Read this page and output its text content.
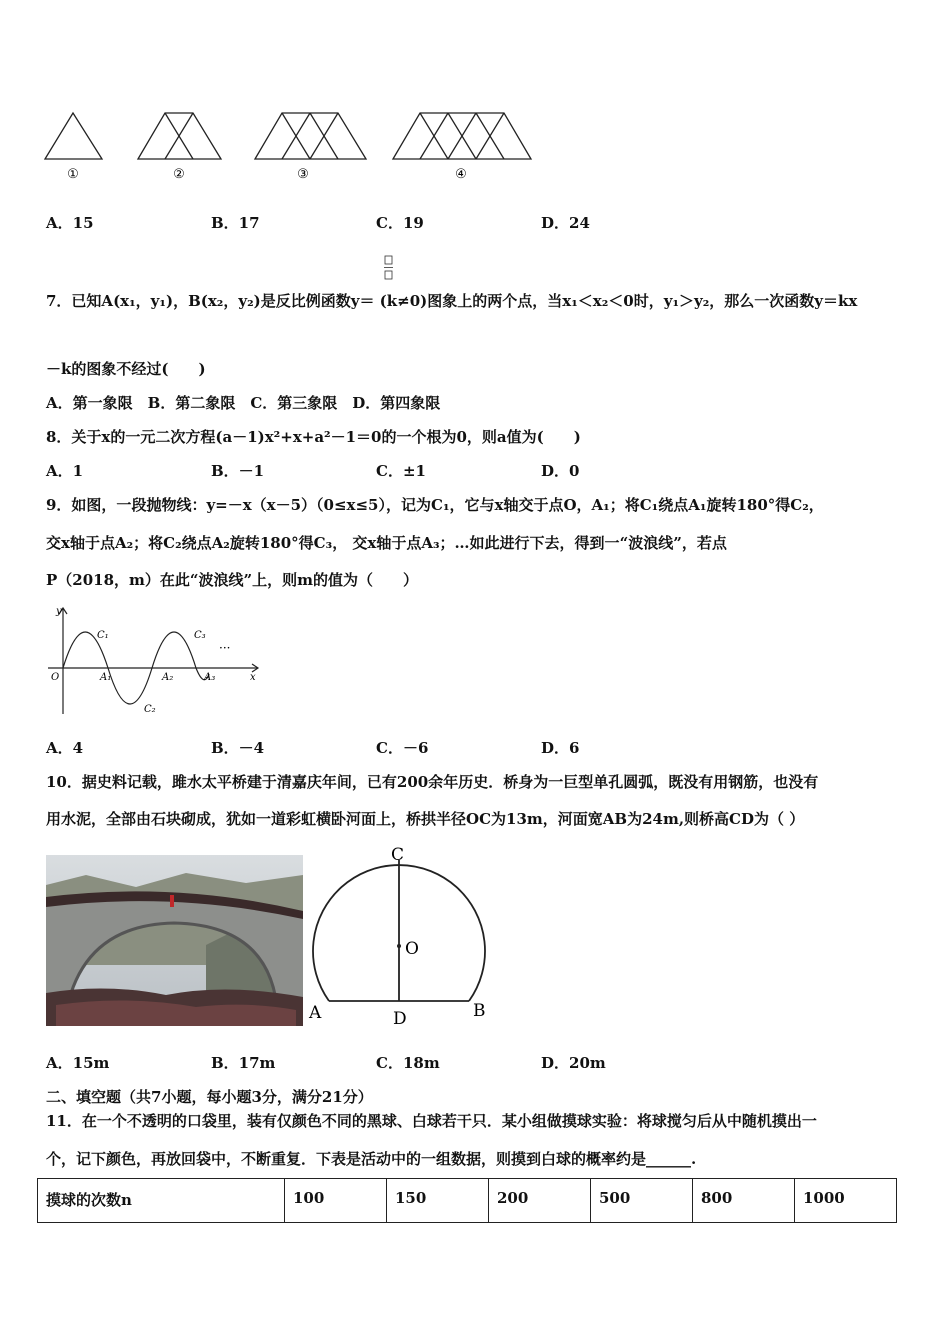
①	②	③	④
A．15	B．17	C．19	D．24
7．已知A(x₁，y₁)，B(x₂，y₂)是反比例函数y＝ (k≠0)图象上的两个点，当x₁＜x₂＜0时，y₁＞y₂，那么一次函数y＝kx
－k的图象不经过(　　)
A．第一象限　B．第二象限　C．第三象限　D．第四象限
8．关于x的一元二次方程(a－1)x²+x+a²－1＝0的一个根为0，则a值为(　　)
A．1	B．－1	C．±1	D．0
9．如图，一段抛物线：y=－x（x－5）（0≤x≤5），记为C₁，它与x轴交于点O，A₁；将C₁绕点A₁旋转180°得C₂，
交x轴于点A₂；将C₂绕点A₂旋转180°得C₃， 交x轴于点A₃；…如此进行下去，得到一“波浪线”，若点
P（2018，m）在此“波浪线”上，则m的值为（　　）
y
O	A₁	A₂	A₃	x
C₁
C₂
C₃
···
A．4	B．－4	C．－6	D．6
10．据史料记载，雎水太平桥建于清嘉庆年间，已有200余年历史．桥身为一巨型单孔圆弧，既没有用钢筋，也没有
用水泥，全部由石块砌成，犹如一道彩虹横卧河面上，桥拱半径OC为13m，河面宽AB为24m,则桥高CD为（ ）
C
O
A	D	B
A．15m	B．17m	C．18m	D．20m
二、填空题（共7小题，每小题3分，满分21分）
11．在一个不透明的口袋里，装有仅颜色不同的黑球、白球若干只．某小组做摸球实验：将球搅匀后从中随机摸出一
个，记下颜色，再放回袋中，不断重复．下表是活动中的一组数据，则摸到白球的概率约是______.
摸球的次数n	100	150	200	500	800	1000
